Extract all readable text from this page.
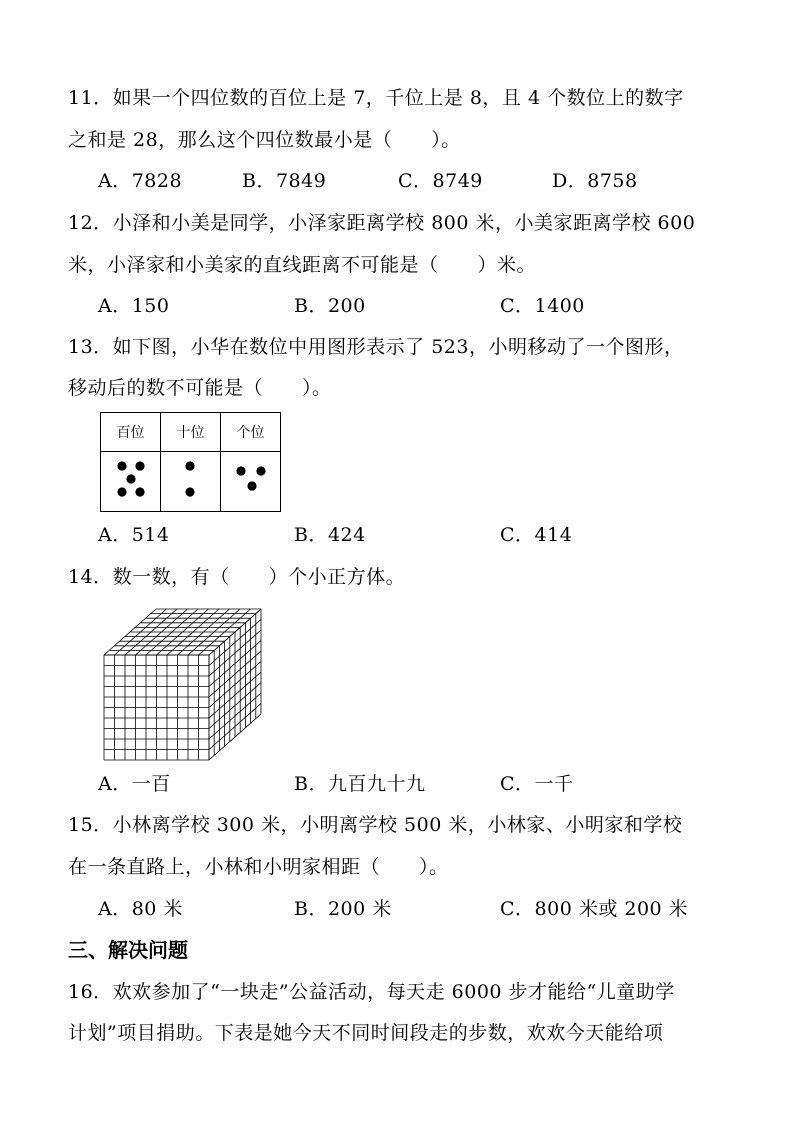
11．如果一个四位数的百位上是 7，千位上是 8，且 4 个数位上的数字
之和是 28，那么这个四位数最小是（　　）。
A．7828	B．7849	C．8749	D．8758
12．小泽和小美是同学，小泽家距离学校 800 米，小美家距离学校 600
米，小泽家和小美家的直线距离不可能是（　　）米。
A．150	B．200	C．1400
13．如下图，小华在数位中用图形表示了 523，小明移动了一个图形，
移动后的数不可能是（　　）。
百位	十位	个位

A．514	B．424	C．414
14．数一数，有（　　）个小正方体。
A．一百	B．九百九十九	C．一千
15．小林离学校 300 米，小明离学校 500 米，小林家、小明家和学校
在一条直路上，小林和小明家相距（　　）。
A．80 米	B．200 米	C．800 米或 200 米
三、解决问题
16．欢欢参加了“一块走”公益活动，每天走 6000 步才能给“儿童助学
计划”项目捐助。下表是她今天不同时间段走的步数，欢欢今天能给项
